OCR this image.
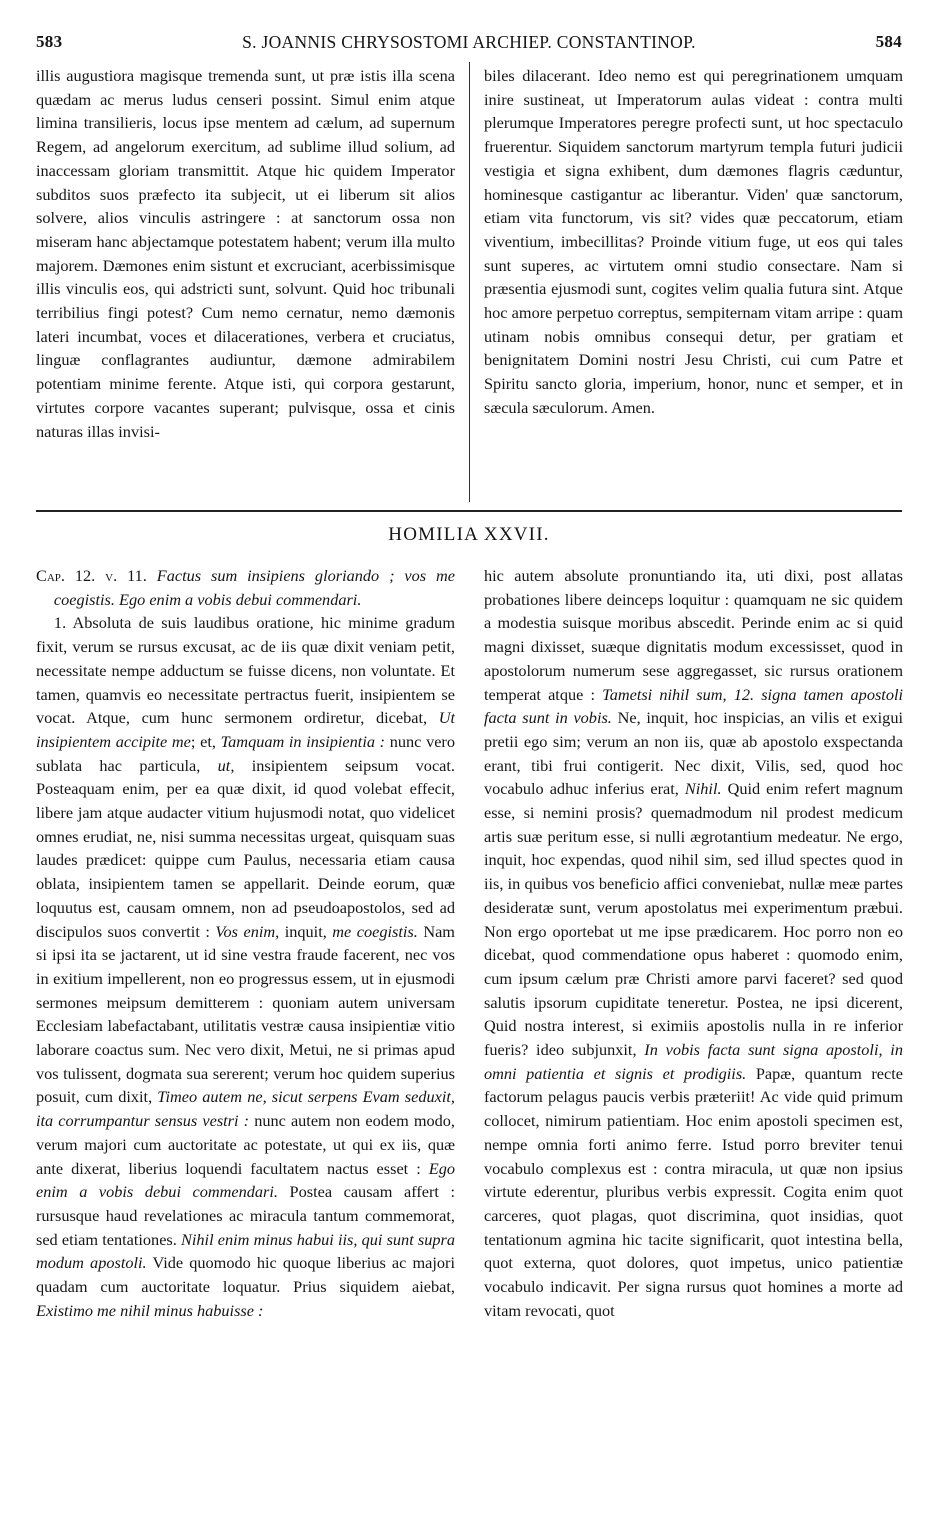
583	S. JOANNIS CHRYSOSTOMI ARCHIEP. CONSTANTINOP.	584

illis augustiora magisque tremenda sunt, ut præ istis illa scena quædam ac merus ludus censeri possint. Simul enim atque limina transilieris, locus ipse mentem ad cælum, ad supernum Regem, ad angelorum exercitum, ad sublime illud solium, ad inaccessam gloriam transmittit. Atque hic quidem Imperator subditos suos præfecto ita subjecit, ut ei liberum sit alios solvere, alios vinculis astringere : at sanctorum ossa non miseram hanc abjectamque potestatem habent; verum illa multo majorem. Dæmones enim sistunt et excruciant, acerbissimisque illis vinculis eos, qui adstricti sunt, solvunt. Quid hoc tribunali terribilius fingi potest? Cum nemo cernatur, nemo dæmonis lateri incumbat, voces et dilacerationes, verbera et cruciatus, linguæ conflagrantes audiuntur, dæmone admirabilem potentiam minime ferente. Atque isti, qui corpora gestarunt, virtutes corpore vacantes superant; pulvisque, ossa et cinis naturas illas invisi-

biles dilacerant. Ideo nemo est qui peregrinationem umquam inire sustineat, ut Imperatorum aulas videat : contra multi plerumque Imperatores peregre profecti sunt, ut hoc spectaculo fruerentur. Siquidem sanctorum martyrum templa futuri judicii vestigia et signa exhibent, dum dæmones flagris cæduntur, hominesque castigantur ac liberantur. Viden' quæ sanctorum, etiam vita functorum, vis sit? vides quæ peccatorum, etiam viventium, imbecillitas? Proinde vitium fuge, ut eos qui tales sunt superes, ac virtutem omni studio consectare. Nam si præsentia ejusmodi sunt, cogites velim qualia futura sint. Atque hoc amore perpetuo correptus, sempiternam vitam arripe : quam utinam nobis omnibus consequi detur, per gratiam et benignitatem Domini nostri Jesu Christi, cui cum Patre et Spiritu sancto gloria, imperium, honor, nunc et semper, et in sæcula sæculorum. Amen.

HOMILIA XXVII.

Cap. 12. v. 11. Factus sum insipiens gloriando ; vos me coegistis. Ego enim a vobis debui commendari.

1. Absoluta de suis laudibus oratione, hic minime gradum fixit, verum se rursus excusat, ac de iis quæ dixit veniam petit, necessitate nempe adductum se fuisse dicens, non voluntate. Et tamen, quamvis eo necessitate pertractus fuerit, insipientem se vocat. Atque, cum hunc sermonem ordiretur, dicebat, Ut insipientem accipite me; et, Tamquam in insipientia : nunc vero sublata hac particula, ut, insipientem seipsum vocat. Posteaquam enim, per ea quæ dixit, id quod volebat effecit, libere jam atque audacter vitium hujusmodi notat, quo videlicet omnes erudiat, ne, nisi summa necessitas urgeat, quisquam suas laudes prædicet: quippe cum Paulus, necessaria etiam causa oblata, insipientem tamen se appellarit. Deinde eorum, quæ loquutus est, causam omnem, non ad pseudoapostolos, sed ad discipulos suos convertit : Vos enim, inquit, me coegistis. Nam si ipsi ita se jactarent, ut id sine vestra fraude facerent, nec vos in exitium impellerent, non eo progressus essem, ut in ejusmodi sermones meipsum demitterem : quoniam autem universam Ecclesiam labefactabant, utilitatis vestræ causa insipientiæ vitio laborare coactus sum. Nec vero dixit, Metui, ne si primas apud vos tulissent, dogmata sua sererent; verum hoc quidem superius posuit, cum dixit, Timeo autem ne, sicut serpens Evam seduxit, ita corrumpantur sensus vestri : nunc autem non eodem modo, verum majori cum auctoritate ac potestate, ut qui ex iis, quæ ante dixerat, liberius loquendi facultatem nactus esset : Ego enim a vobis debui commendari. Postea causam affert : rursusque haud revelationes ac miracula tantum commemorat, sed etiam tentationes. Nihil enim minus habui iis, qui sunt supra modum apostoli. Vide quomodo hic quoque liberius ac majori quadam cum auctoritate loquatur. Prius siquidem aiebat, Existimo me nihil minus habuisse :

hic autem absolute pronuntiando ita, uti dixi, post allatas probationes libere deinceps loquitur : quamquam ne sic quidem a modestia suisque moribus abscedit. Perinde enim ac si quid magni dixisset, suæque dignitatis modum excessisset, quod in apostolorum numerum sese aggregasset, sic rursus orationem temperat atque : Tametsi nihil sum, 12. signa tamen apostoli facta sunt in vobis. Ne, inquit, hoc inspicias, an vilis et exigui pretii ego sim; verum an non iis, quæ ab apostolo exspectanda erant, tibi frui contigerit. Nec dixit, Vilis, sed, quod hoc vocabulo adhuc inferius erat, Nihil. Quid enim refert magnum esse, si nemini prosis? quemadmodum nil prodest medicum artis suæ peritum esse, si nulli ægrotantium medeatur. Ne ergo, inquit, hoc expendas, quod nihil sim, sed illud spectes quod in iis, in quibus vos beneficio affici conveniebat, nullæ meæ partes desideratæ sunt, verum apostolatus mei experimentum præbui. Non ergo oportebat ut me ipse prædicarem. Hoc porro non eo dicebat, quod commendatione opus haberet : quomodo enim, cum ipsum cælum præ Christi amore parvi faceret? sed quod salutis ipsorum cupiditate teneretur. Postea, ne ipsi dicerent, Quid nostra interest, si eximiis apostolis nulla in re inferior fueris? ideo subjunxit, In vobis facta sunt signa apostoli, in omni patientia et signis et prodigiis. Papæ, quantum recte factorum pelagus paucis verbis præteriit! Ac vide quid primum collocet, nimirum patientiam. Hoc enim apostoli specimen est, nempe omnia forti animo ferre. Istud porro breviter tenui vocabulo complexus est : contra miracula, ut quæ non ipsius virtute ederentur, pluribus verbis expressit. Cogita enim quot carceres, quot plagas, quot discrimina, quot insidias, quot tentationum agmina hic tacite significarit, quot intestina bella, quot externa, quot dolores, quot impetus, unico patientiæ vocabulo indicavit. Per signa rursus quot homines a morte ad vitam revocati, quot
